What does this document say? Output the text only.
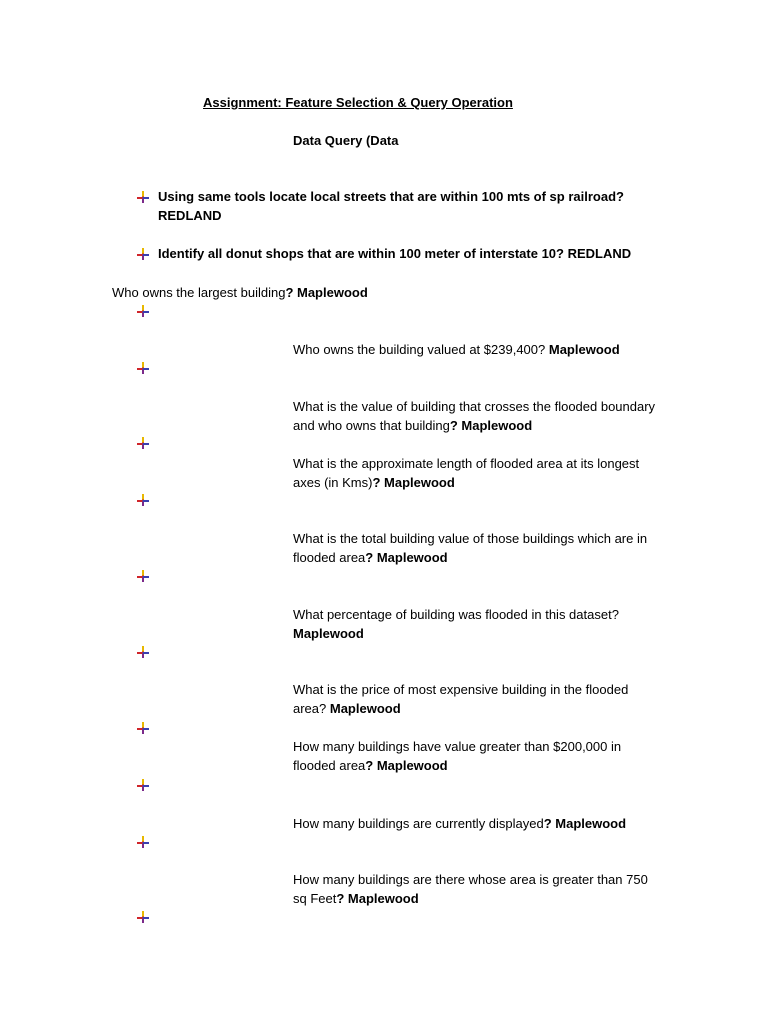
Assignment: Feature Selection & Query Operation
Data Query (Data
Using same tools locate local streets that are within 100 mts of sp railroad? REDLAND
Identify all donut shops that are within 100 meter of interstate 10? REDLAND
Who owns the largest building? Maplewood
Who owns the building valued at $239,400? Maplewood
What is the value of building that crosses the flooded boundary and who owns that building? Maplewood
What is the approximate length of flooded area at its longest axes (in Kms)? Maplewood
What is the total building value of those buildings which are in flooded area? Maplewood
What percentage of building was flooded in this dataset? Maplewood
What is the price of most expensive building in the flooded area? Maplewood
How many buildings have value greater than $200,000 in flooded area? Maplewood
How many buildings are currently displayed? Maplewood
How many buildings are there whose area is greater than 750 sq Feet? Maplewood
